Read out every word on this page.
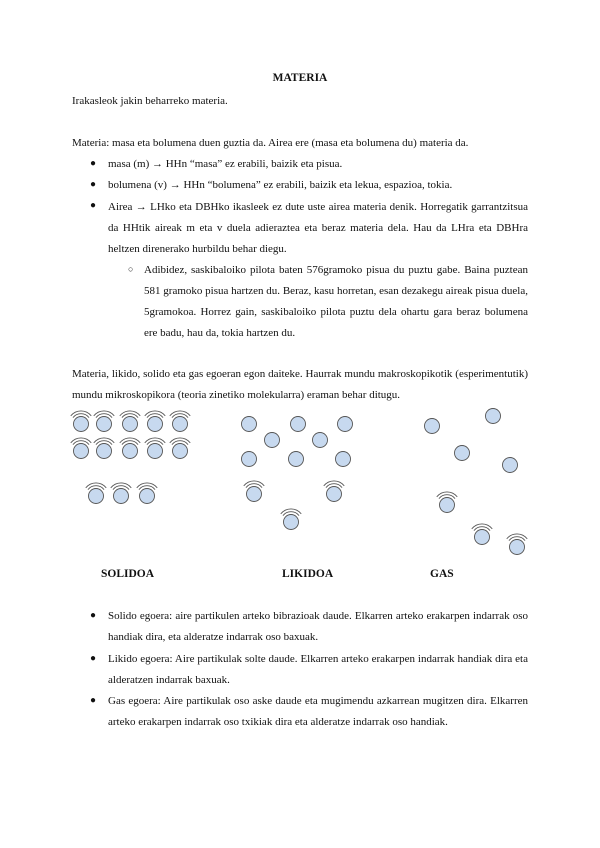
MATERIA
Irakasleok jakin beharreko materia.
Materia: masa eta bolumena duen guztia da. Airea ere (masa eta bolumena du) materia da.
● masa (m) → HHn “masa” ez erabili, baizik eta pisua.
● bolumena (v) → HHn “bolumena” ez erabili, baizik eta lekua, espazioa, tokia.
● Airea → LHko eta DBHko ikasleek ez dute uste airea materia denik. Horregatik garrantzitsua da HHtik aireak m eta v duela adieraztea eta beraz materia dela. Hau da LHra eta DBHra heltzen direnerako hurbildu behar diegu.
○ Adibidez, saskibaloiko pilota baten 576gramoko pisua du puztu gabe. Baina puztean 581 gramoko pisua hartzen du. Beraz, kasu horretan, esan dezakegu aireak pisua duela, 5gramokoa. Horrez gain, saskibaloiko pilota puztu dela ohartu gara beraz bolumena ere badu, hau da, tokia hartzen du.
Materia, likido, solido eta gas egoeran egon daiteke. Haurrak mundu makroskopikotik (esperimentutik) mundu mikroskopikora (teoria zinetiko molekularra) eraman behar ditugu.
SOLIDOA	LIKIDOA	GAS
● Solido egoera: aire partikulen arteko bibrazioak daude. Elkarren arteko erakarpen indarrak oso handiak dira, eta alderatze indarrak oso baxuak.
● Likido egoera: Aire partikulak solte daude. Elkarren arteko erakarpen indarrak handiak dira eta alderatzen indarrak baxuak.
● Gas egoera: Aire partikulak oso aske daude eta mugimendu azkarrean mugitzen dira. Elkarren arteko erakarpen indarrak oso txikiak dira eta alderatze indarrak oso handiak.
